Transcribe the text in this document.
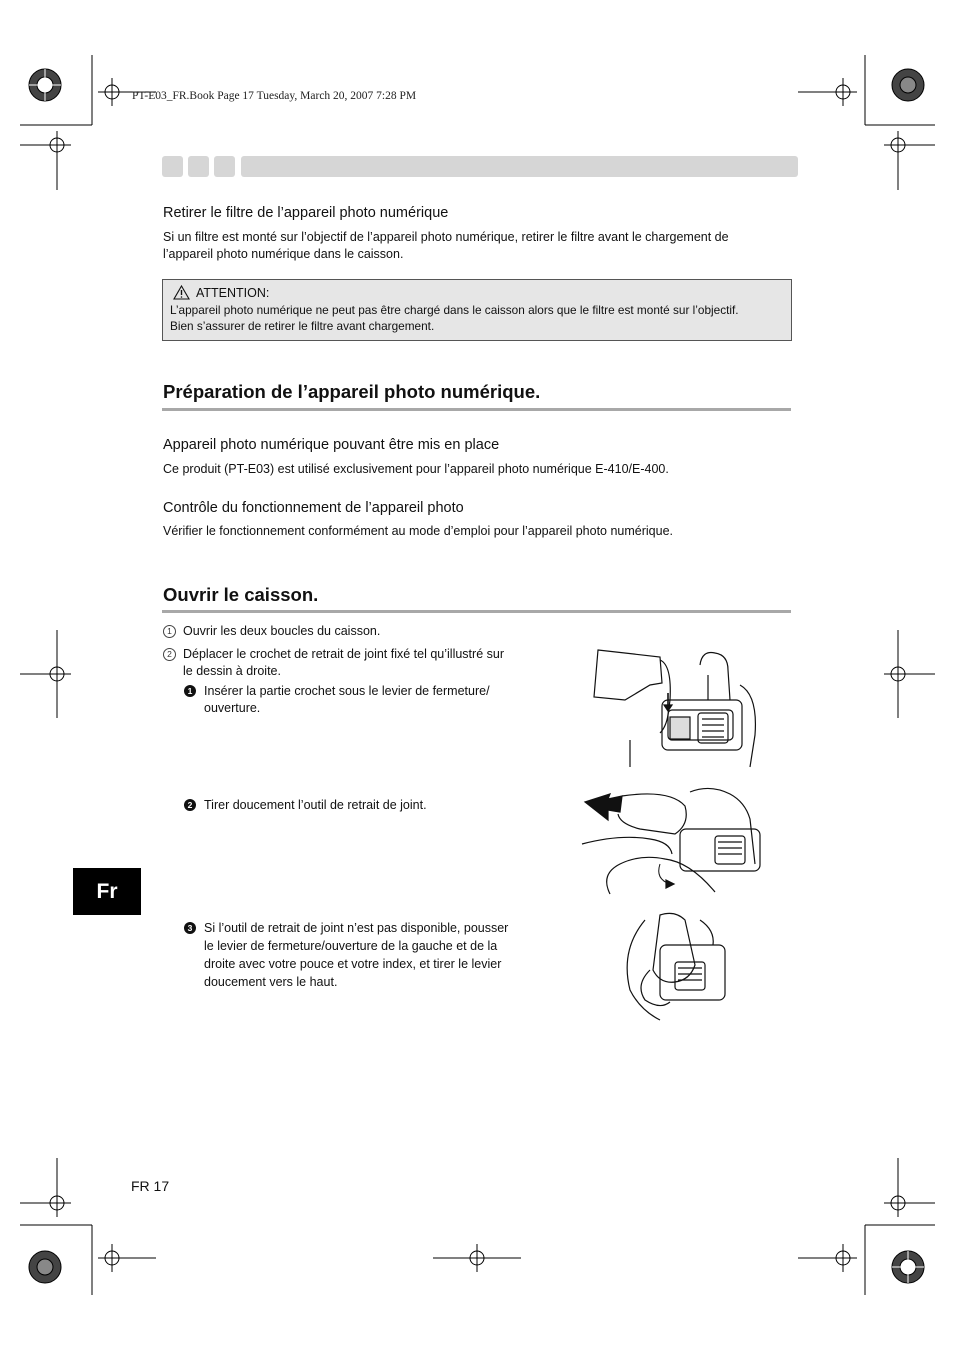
PT-E03_FR.Book Page 17 Tuesday, March 20, 2007 7:28 PM
Retirer le filtre de l’appareil photo numérique
Si un filtre est monté sur l’objectif de l’appareil photo numérique, retirer le filtre avant le chargement de
l’appareil photo numérique dans le caisson.
ATTENTION:
L’appareil photo numérique ne peut pas être chargé dans le caisson alors que le filtre est monté sur l’objectif.
Bien s’assurer de retirer le filtre avant chargement.
Préparation de l’appareil photo numérique.
Appareil photo numérique pouvant être mis en place
Ce produit (PT-E03) est utilisé exclusivement pour l’appareil photo numérique E-410/E-400.
Contrôle du fonctionnement de l’appareil photo
Vérifier le fonctionnement conformément au mode d’emploi pour l’appareil photo numérique.
Ouvrir le caisson.
1 Ouvrir les deux boucles du caisson.
2 Déplacer le crochet de retrait de joint fixé tel qu’illustré sur
le dessin à droite.
1 Insérer la partie crochet sous le levier de fermeture/
ouverture.
2 Tirer doucement l’outil de retrait de joint.
3 Si l’outil de retrait de joint n’est pas disponible, pousser
le levier de fermeture/ouverture de la gauche et de la
droite avec votre pouce et votre index, et tirer le levier
doucement vers le haut.
Fr
FR 17
